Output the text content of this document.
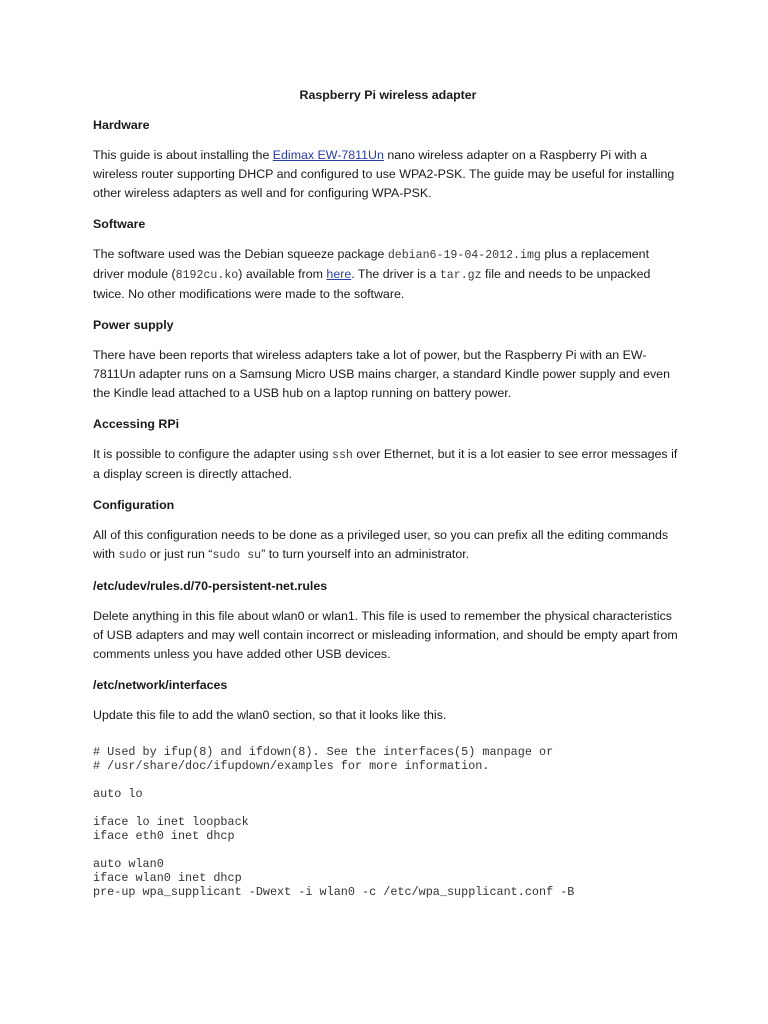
Raspberry Pi wireless adapter
Hardware
This guide is about installing the Edimax EW-7811Un nano wireless adapter on a Raspberry Pi with a wireless router supporting DHCP and configured to use WPA2-PSK. The guide may be useful for installing other wireless adapters as well and for configuring WPA-PSK.
Software
The software used was the Debian squeeze package debian6-19-04-2012.img plus a replacement driver module (8192cu.ko) available from here. The driver is a tar.gz file and needs to be unpacked twice. No other modifications were made to the software.
Power supply
There have been reports that wireless adapters take a lot of power, but the Raspberry Pi with an EW-7811Un adapter runs on a Samsung Micro USB mains charger, a standard Kindle power supply and even the Kindle lead attached to a USB hub on a laptop running on battery power.
Accessing RPi
It is possible to configure the adapter using ssh over Ethernet, but it is a lot easier to see error messages if a display screen is directly attached.
Configuration
All of this configuration needs to be done as a privileged user, so you can prefix all the editing commands with sudo or just run “sudo su” to turn yourself into an administrator.
/etc/udev/rules.d/70-persistent-net.rules
Delete anything in this file about wlan0 or wlan1. This file is used to remember the physical characteristics of USB adapters and may well contain incorrect or misleading information, and should be empty apart from comments unless you have added other USB devices.
/etc/network/interfaces
Update this file to add the wlan0 section, so that it looks like this.

# Used by ifup(8) and ifdown(8). See the interfaces(5) manpage or
# /usr/share/doc/ifupdown/examples for more information.
auto lo
iface lo inet loopback
iface eth0 inet dhcp
auto wlan0
iface wlan0 inet dhcp
pre-up wpa_supplicant -Dwext -i wlan0 -c /etc/wpa_supplicant.conf -B
